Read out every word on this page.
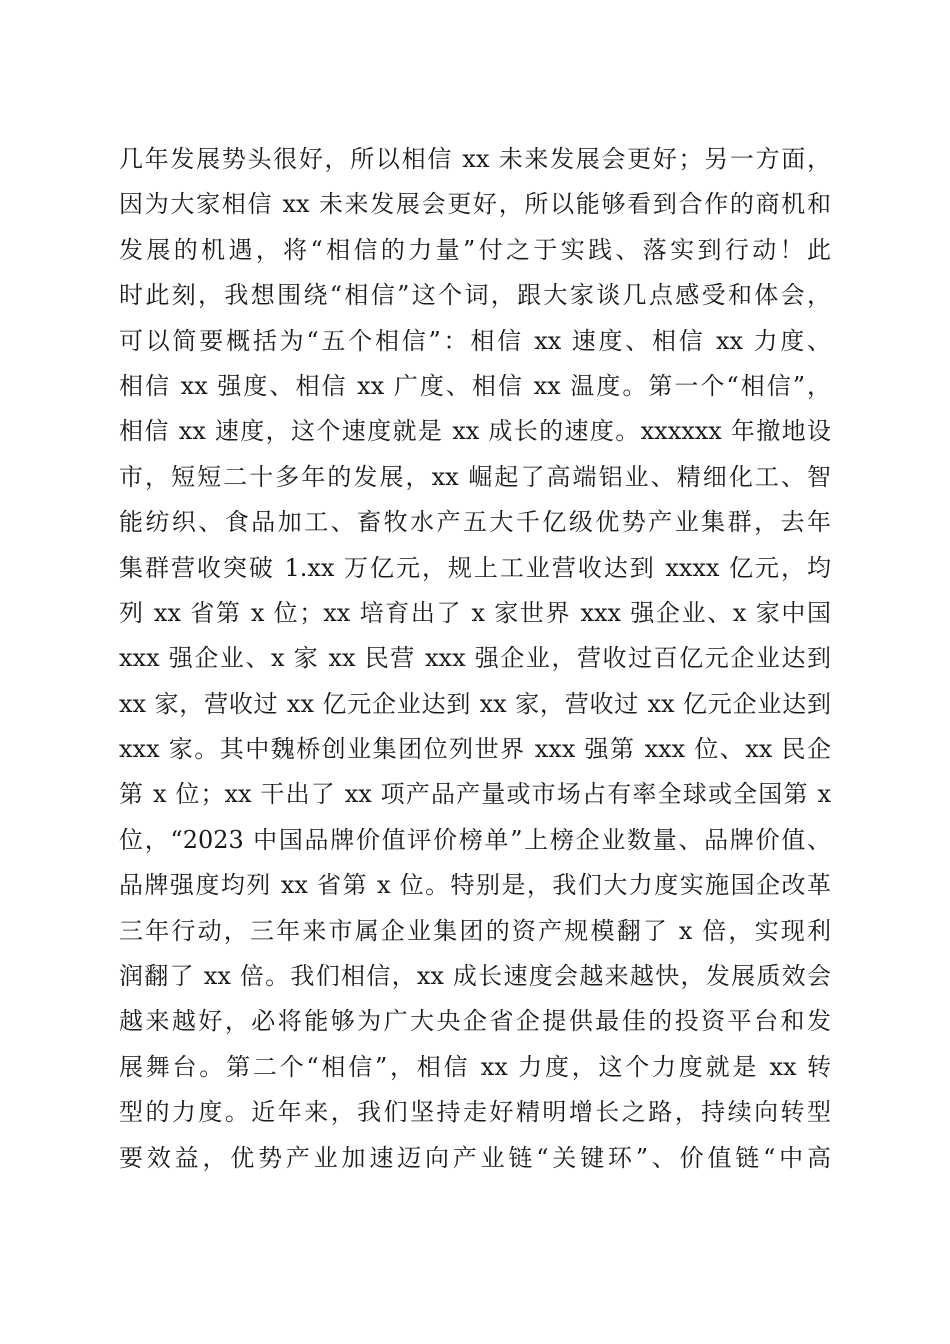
几年发展势头很好，所以相信 xx 未来发展会更好；另一方面，
因为大家相信 xx 未来发展会更好，所以能够看到合作的商机和
发展的机遇，将“相信的力量”付之于实践、落实到行动！此
时此刻，我想围绕“相信”这个词，跟大家谈几点感受和体会，
可以简要概括为“五个相信”：相信 xx 速度、相信 xx 力度、
相信 xx 强度、相信 xx 广度、相信 xx 温度。第一个“相信”，
相信 xx 速度，这个速度就是 xx 成长的速度。xxxxxx 年撤地设
市，短短二十多年的发展，xx 崛起了高端铝业、精细化工、智
能纺织、食品加工、畜牧水产五大千亿级优势产业集群，去年
集群营收突破 1.xx 万亿元，规上工业营收达到 xxxx 亿元，均
列 xx 省第 x 位；xx 培育出了 x 家世界 xxx 强企业、x 家中国
xxx 强企业、x 家 xx 民营 xxx 强企业，营收过百亿元企业达到
xx 家，营收过 xx 亿元企业达到 xx 家，营收过 xx 亿元企业达到
xxx 家。其中魏桥创业集团位列世界 xxx 强第 xxx 位、xx 民企
第 x 位；xx 干出了 xx 项产品产量或市场占有率全球或全国第 x
位，“2023 中国品牌价值评价榜单”上榜企业数量、品牌价值、
品牌强度均列 xx 省第 x 位。特别是，我们大力度实施国企改革
三年行动，三年来市属企业集团的资产规模翻了 x 倍，实现利
润翻了 xx 倍。我们相信，xx 成长速度会越来越快，发展质效会
越来越好，必将能够为广大央企省企提供最佳的投资平台和发
展舞台。第二个“相信”，相信 xx 力度，这个力度就是 xx 转
型的力度。近年来，我们坚持走好精明增长之路，持续向转型
要效益，优势产业加速迈向产业链“关键环”、价值链“中高
